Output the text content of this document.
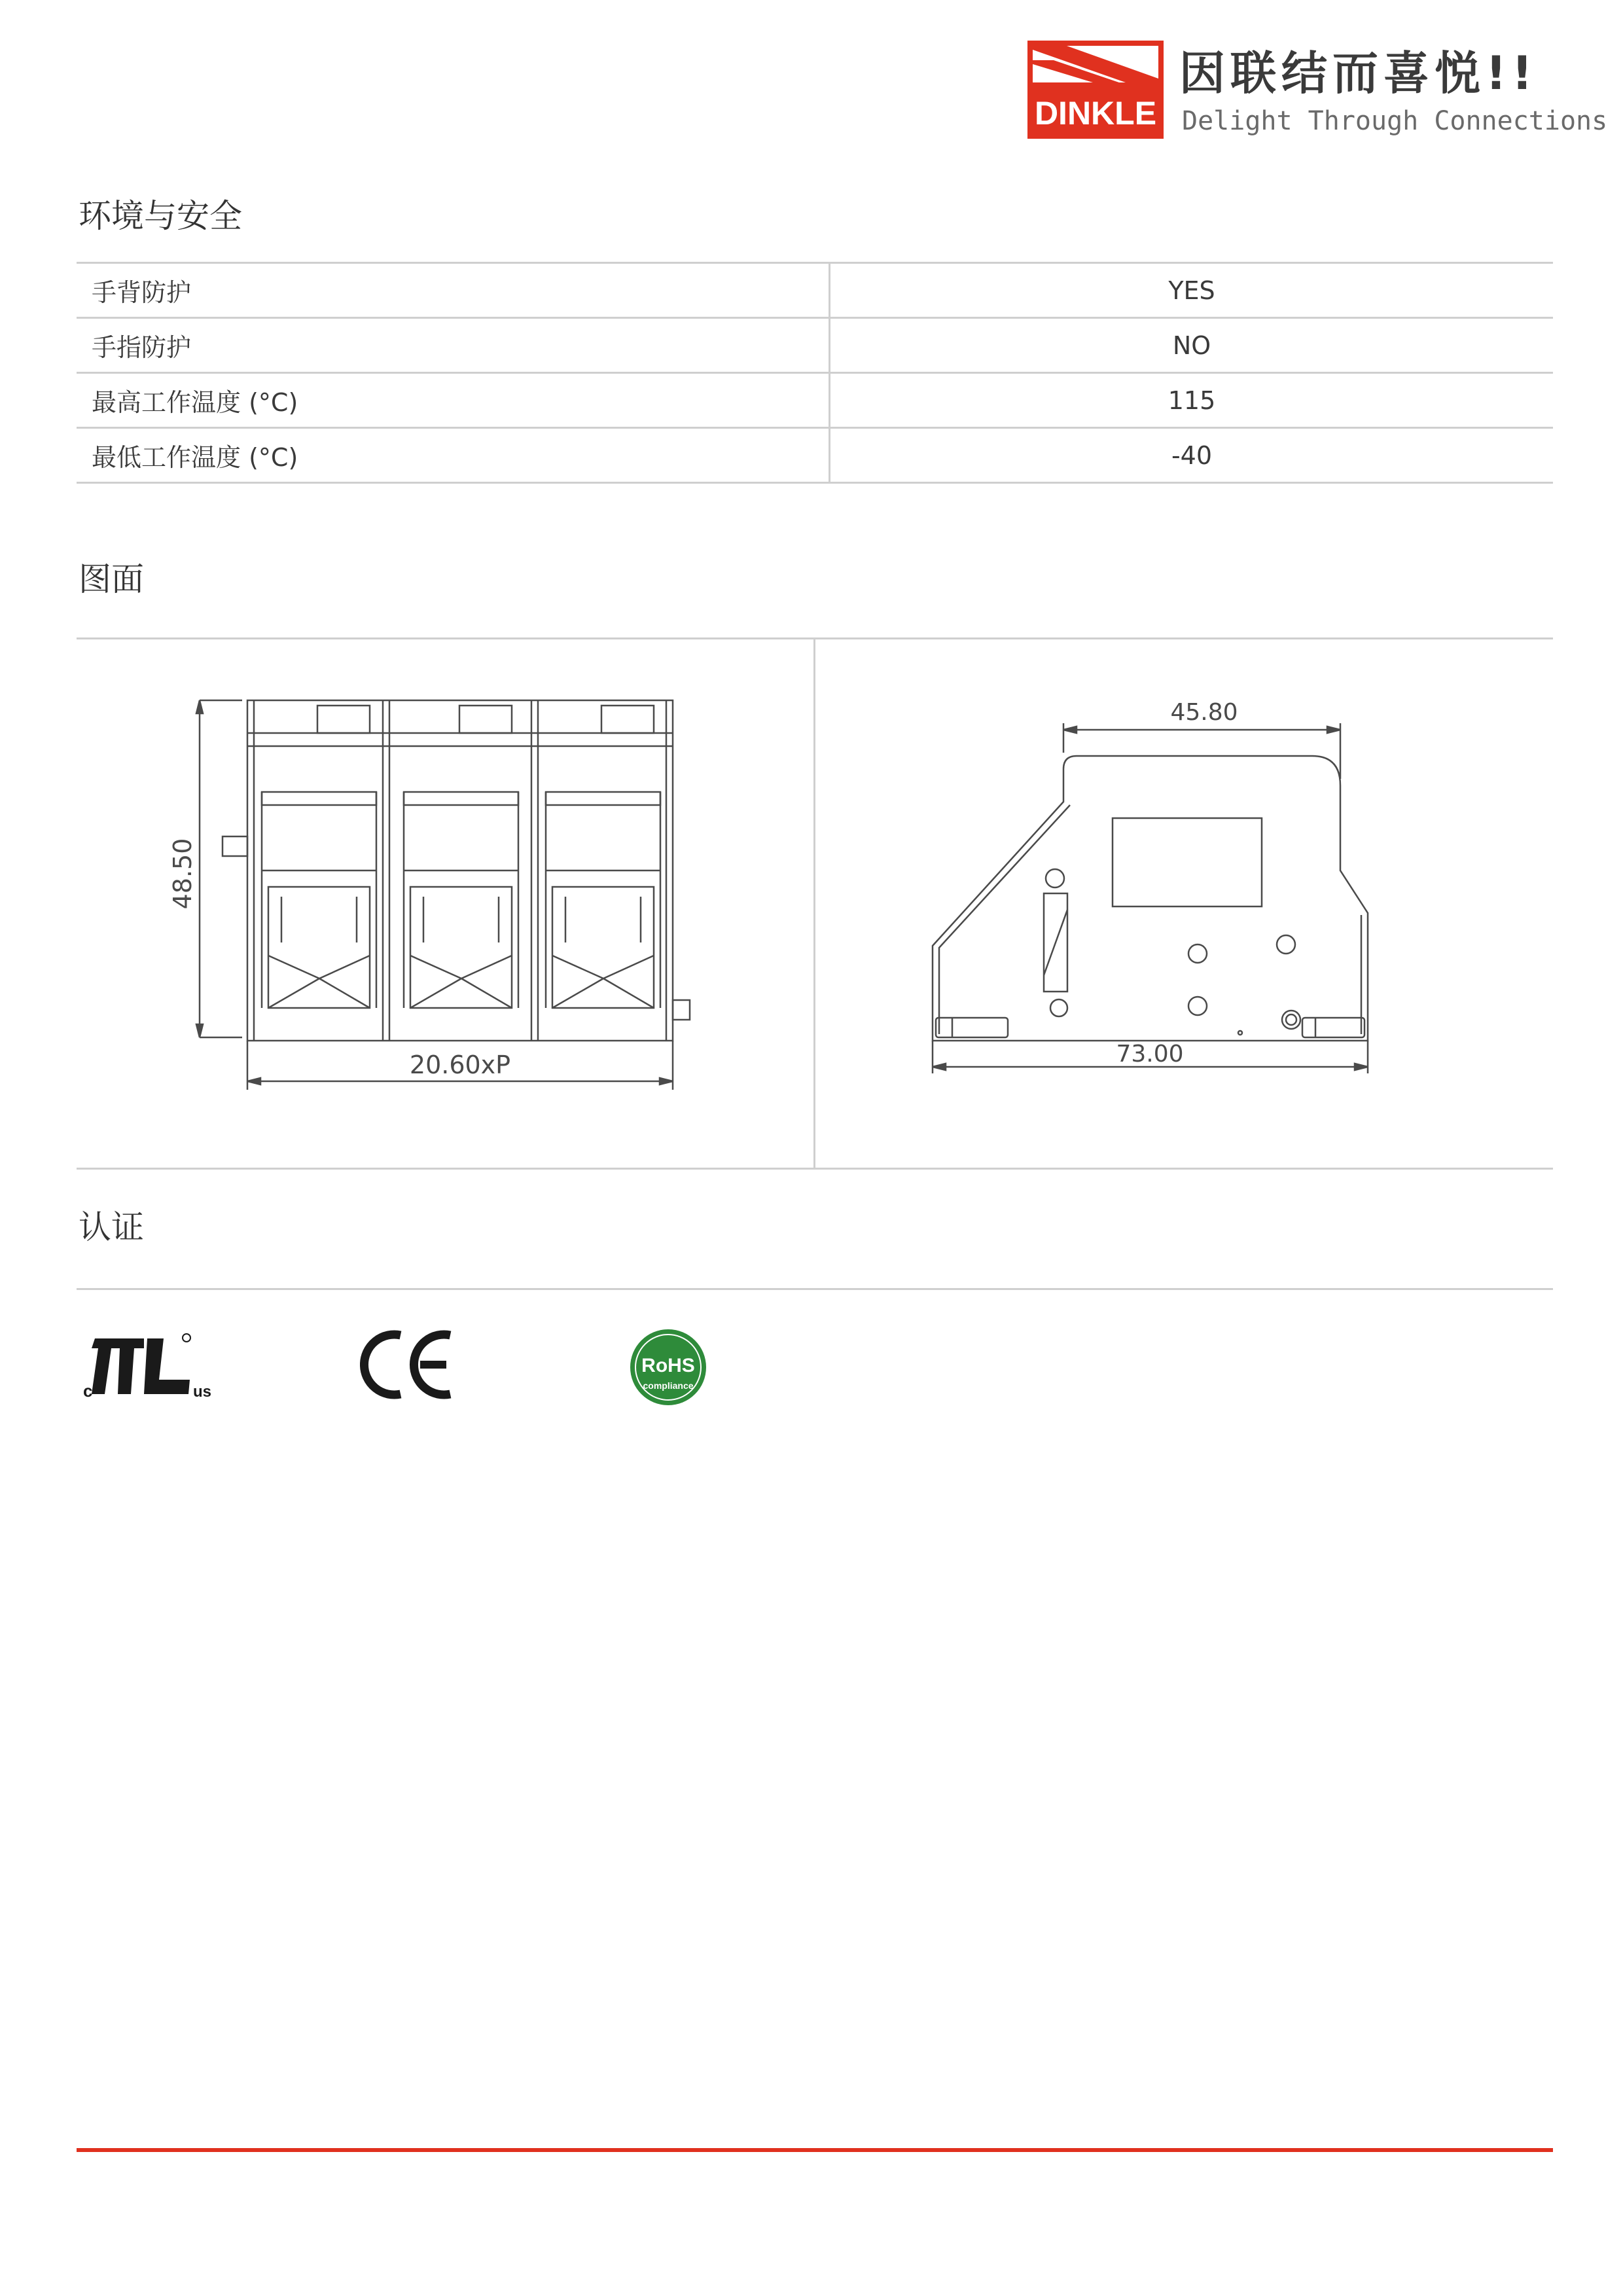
DINKLE
因联结而喜悦!!
Delight Through Connections
环境与安全
手背防护	YES
手指防护	NO
最高工作温度 (°C)	115
最低工作温度 (°C)	-40
图面
48.50
20.60xP
45.80
73.00
认证
c	us
RoHS
compliance
